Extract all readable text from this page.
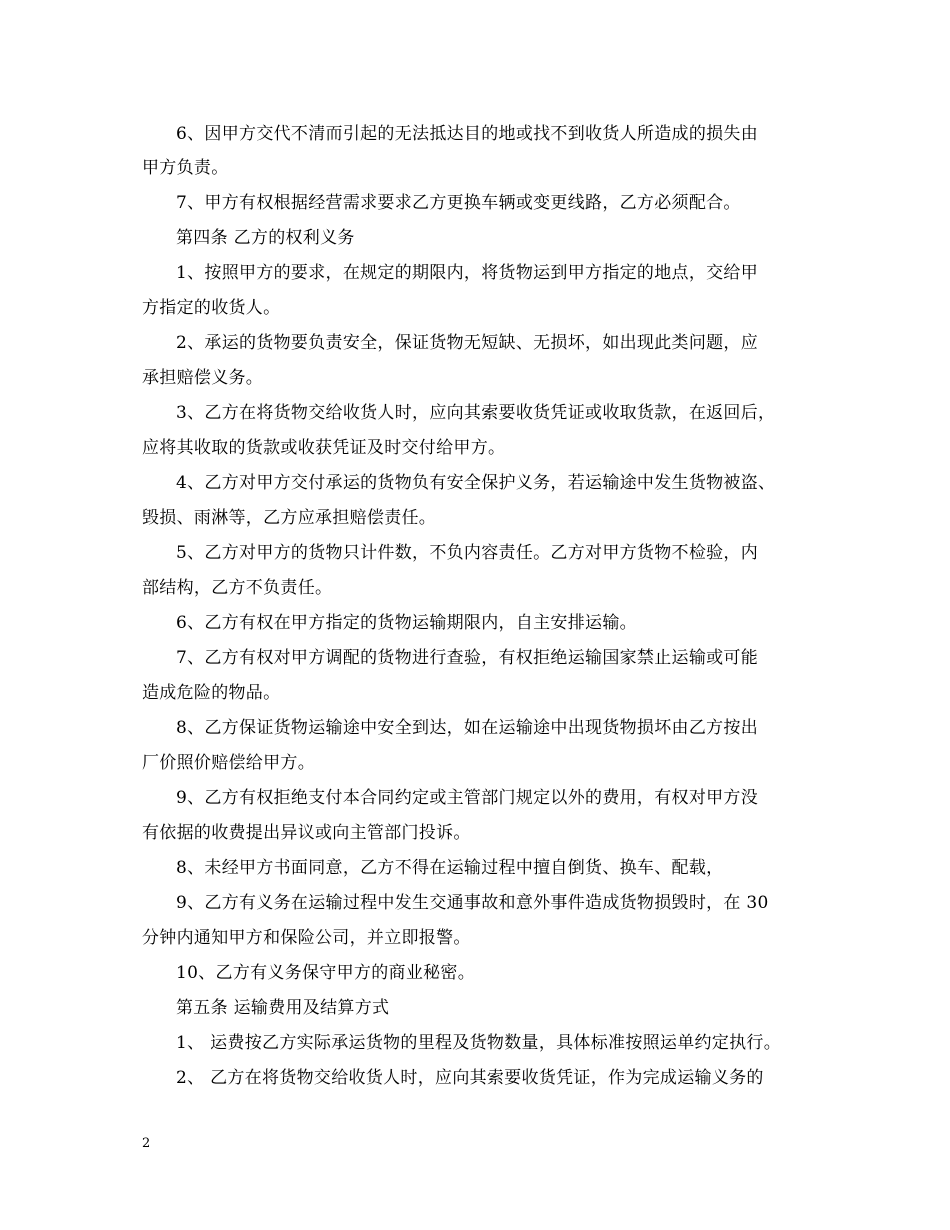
6、因甲方交代不清而引起的无法抵达目的地或找不到收货人所造成的损失由
甲方负责。
7、甲方有权根据经营需求要求乙方更换车辆或变更线路，乙方必须配合。
第四条 乙方的权利义务
1、按照甲方的要求，在规定的期限内，将货物运到甲方指定的地点，交给甲
方指定的收货人。
2、承运的货物要负责安全，保证货物无短缺、无损坏，如出现此类问题，应
承担赔偿义务。
3、乙方在将货物交给收货人时，应向其索要收货凭证或收取货款，在返回后，
应将其收取的货款或收获凭证及时交付给甲方。
4、乙方对甲方交付承运的货物负有安全保护义务，若运输途中发生货物被盗、
毁损、雨淋等，乙方应承担赔偿责任。
5、乙方对甲方的货物只计件数，不负内容责任。乙方对甲方货物不检验，内
部结构，乙方不负责任。
6、乙方有权在甲方指定的货物运输期限内，自主安排运输。
7、乙方有权对甲方调配的货物进行查验，有权拒绝运输国家禁止运输或可能
造成危险的物品。
8、乙方保证货物运输途中安全到达，如在运输途中出现货物损坏由乙方按出
厂价照价赔偿给甲方。
9、乙方有权拒绝支付本合同约定或主管部门规定以外的费用，有权对甲方没
有依据的收费提出异议或向主管部门投诉。
8、未经甲方书面同意，乙方不得在运输过程中擅自倒货、换车、配载，
9、乙方有义务在运输过程中发生交通事故和意外事件造成货物损毁时，在 30
分钟内通知甲方和保险公司，并立即报警。
10、乙方有义务保守甲方的商业秘密。
第五条 运输费用及结算方式
1、 运费按乙方实际承运货物的里程及货物数量，具体标准按照运单约定执行。
2、 乙方在将货物交给收货人时，应向其索要收货凭证，作为完成运输义务的
2
